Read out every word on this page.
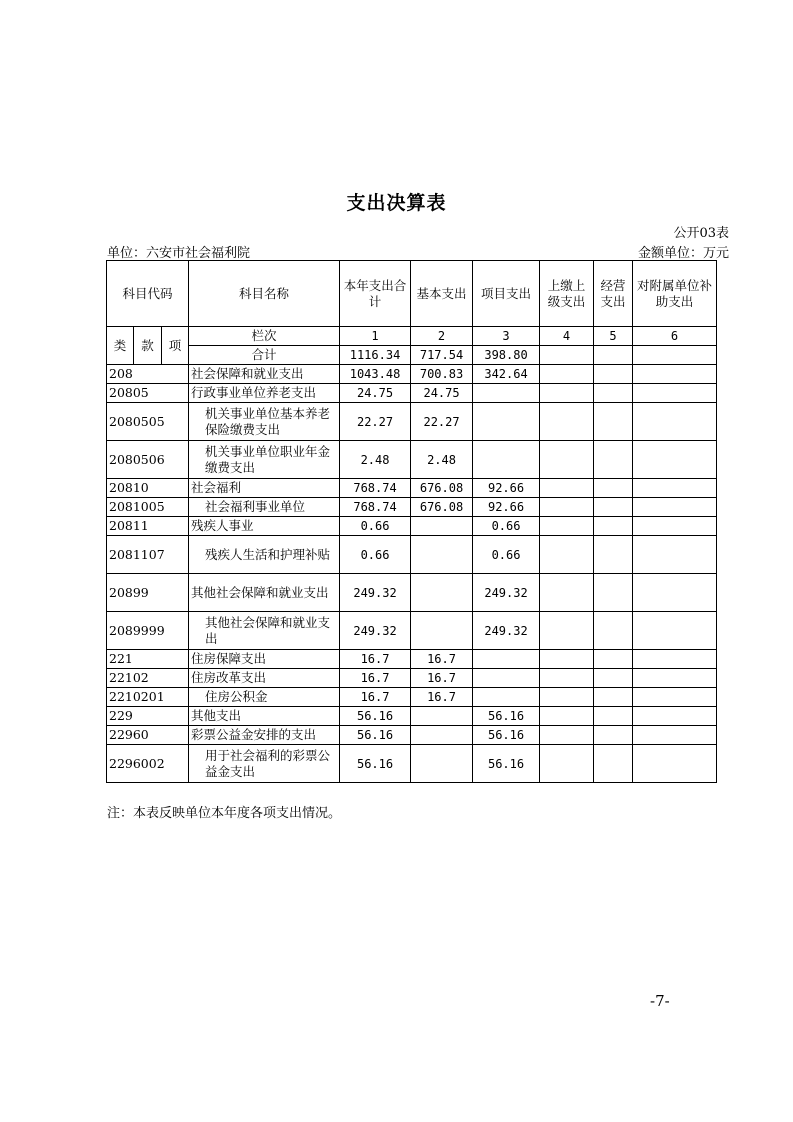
支出决算表
公开03表
单位：六安市社会福利院	金额单位：万元
科目代码			科目名称	本年支出合计	基本支出	项目支出	上缴上级支出	经营支出	对附属单位补助支出
类	款	项	栏次	1	2	3	4	5	6
			合计	1116.34	717.54	398.80			
208			社会保障和就业支出	1043.48	700.83	342.64			
20805			行政事业单位养老支出	24.75	24.75				
2080505			机关事业单位基本养老保险缴费支出	22.27	22.27				
2080506			机关事业单位职业年金缴费支出	2.48	2.48				
20810			社会福利	768.74	676.08	92.66			
2081005			社会福利事业单位	768.74	676.08	92.66			
20811			残疾人事业	0.66		0.66			
2081107			残疾人生活和护理补贴	0.66		0.66			
20899			其他社会保障和就业支出	249.32		249.32			
2089999			其他社会保障和就业支出	249.32		249.32			
221			住房保障支出	16.7	16.7				
22102			住房改革支出	16.7	16.7				
2210201			住房公积金	16.7	16.7				
229			其他支出	56.16		56.16			
22960			彩票公益金安排的支出	56.16		56.16			
2296002			用于社会福利的彩票公益金支出	56.16		56.16			
注：本表反映单位本年度各项支出情况。
-7-
